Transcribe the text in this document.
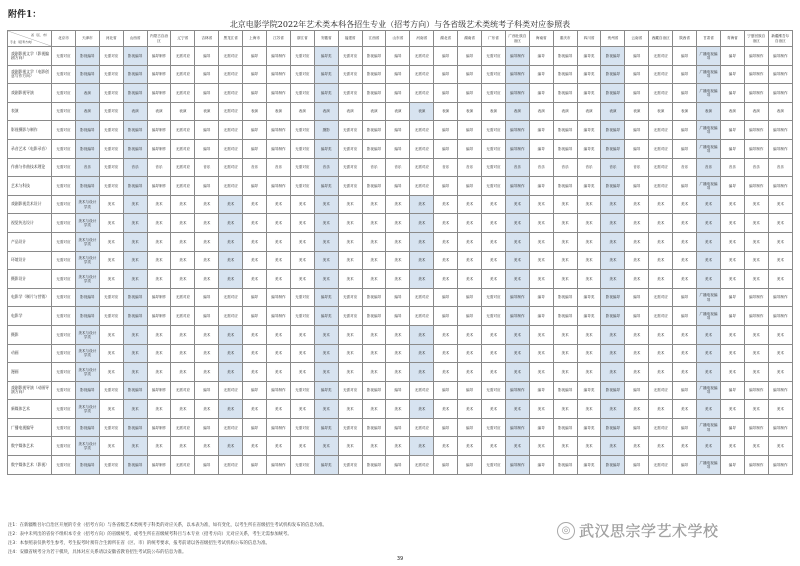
附件1：
北京电影学院2022年艺术类本科各招生专业（招考方向）与各省级艺术类统考子科类对应参照表
省（区、市）
专业（招考方向）	北京市	天津市	河北省	山西省	内蒙古自治区	辽宁省	吉林省	黑龙江省	上海市	江苏省	浙江省	安徽省	福建省	江西省	山东省	河南省	湖北省	湖南省	广东省	广西壮族自治区	海南省	重庆市	四川省	贵州省	云南省	西藏自治区	陕西省	甘肃省	青海省	宁夏回族自治区	新疆维吾尔自治区
戏剧影视文学（影视编剧方向）	无需对应	影视编导	无需对应	影视编导	编导制作	无需对应	编导	无需对应	编导	编导制作	无需对应	编导类	无需对应	影视编导	编导	无需对应	编导	编导	无需对应	编导制作	编导	影视编导	编导类	影视编导	编导	无需对应	编导	广播电视编导	编导	编导制作	编导制作
戏剧影视文学（电影创意写作方向）	无需对应	影视编导	无需对应	影视编导	编导制作	无需对应	编导	无需对应	编导	编导制作	无需对应	编导类	无需对应	影视编导	编导	无需对应	编导	编导	无需对应	编导制作	编导	影视编导	编导类	影视编导	编导	无需对应	编导	广播电视编导	编导	编导制作	编导制作
戏剧影视导演	无需对应	表演	无需对应	影视编导	编导制作	无需对应	编导	无需对应	编导	编导制作	无需对应	编导类	无需对应	影视编导	编导	无需对应	编导	编导	无需对应	编导制作	编导	影视编导	编导类	影视编导	编导	无需对应	编导	广播电视编导	编导	编导制作	编导制作
表演	无需对应	表演	无需对应	表演	表演	表演	表演	无需对应	表演	表演	表演	表演	表演	表演	表演	表演	表演	表演	表演	表演	表演	表演	表演	表演	表演	表演	表演	表演	表演	表演	表演
影视摄影与制作	无需对应	影视编导	无需对应	影视编导	编导制作	无需对应	编导	无需对应	编导	编导制作	无需对应	摄影	无需对应	影视编导	编导	无需对应	编导	编导	无需对应	编导制作	编导	影视编导	编导类	影视编导	编导	无需对应	编导	广播电视编导	编导	编导制作	编导制作
录音艺术（电影录音）	无需对应	影视编导	无需对应	影视编导	编导制作	无需对应	编导	无需对应	编导	编导制作	无需对应	编导类	无需对应	影视编导	编导	无需对应	编导	编导	无需对应	编导制作	编导	影视编导	编导类	影视编导	编导	无需对应	编导	广播电视编导	编导	编导制作	编导制作
作曲与作曲技术理论	无需对应	音乐	无需对应	音乐	音乐	无需对应	音乐	无需对应	音乐	音乐	无需对应	音乐	无需对应	音乐	音乐	无需对应	音乐	音乐	无需对应	音乐	音乐	音乐	音乐	音乐	音乐	无需对应	音乐	音乐	音乐	音乐	音乐
艺术与科技	无需对应	影视编导	无需对应	影视编导	编导制作	无需对应	编导	无需对应	编导	编导制作	无需对应	编导类	无需对应	影视编导	编导	无需对应	编导	编导	无需对应	编导制作	编导	影视编导	编导类	影视编导	编导	无需对应	编导	广播电视编导	编导	编导制作	编导制作
戏剧影视美术设计	无需对应	美术与设计学类	美术	美术	美术	美术	美术	美术	美术	美术	美术	美术	美术	美术	美术	美术	美术	美术	美术	美术	美术	美术	美术	美术	美术	美术	美术	美术	美术	美术	美术
视觉传达设计	无需对应	美术与设计学类	美术	美术	美术	美术	美术	美术	美术	美术	美术	美术	美术	美术	美术	美术	美术	美术	美术	美术	美术	美术	美术	美术	美术	美术	美术	美术	美术	美术	美术
产品设计	无需对应	美术与设计学类	美术	美术	美术	美术	美术	美术	美术	美术	美术	美术	美术	美术	美术	美术	美术	美术	美术	美术	美术	美术	美术	美术	美术	美术	美术	美术	美术	美术	美术
环境设计	无需对应	美术与设计学类	美术	美术	美术	美术	美术	美术	美术	美术	美术	美术	美术	美术	美术	美术	美术	美术	美术	美术	美术	美术	美术	美术	美术	美术	美术	美术	美术	美术	美术
摄影设计	无需对应	美术与设计学类	美术	美术	美术	美术	美术	美术	美术	美术	美术	美术	美术	美术	美术	美术	美术	美术	美术	美术	美术	美术	美术	美术	美术	美术	美术	美术	美术	美术	美术
电影学（制片与营销）	无需对应	影视编导	无需对应	影视编导	编导制作	无需对应	编导	无需对应	编导	编导制作	无需对应	编导类	无需对应	影视编导	编导	无需对应	编导	编导	无需对应	编导制作	编导	影视编导	编导类	影视编导	编导	无需对应	编导	广播电视编导	编导	编导制作	编导制作
电影学	无需对应	影视编导	无需对应	影视编导	编导制作	无需对应	编导	无需对应	编导	编导制作	无需对应	编导类	无需对应	影视编导	编导	无需对应	编导	编导	无需对应	编导制作	编导	影视编导	编导类	影视编导	编导	无需对应	编导	广播电视编导	编导	编导制作	编导制作
摄影	无需对应	美术与设计学类	美术	美术	美术	美术	美术	美术	美术	美术	美术	美术	美术	美术	美术	美术	美术	美术	美术	美术	美术	美术	美术	美术	美术	美术	美术	美术	美术	美术	美术
动画	无需对应	美术与设计学类	美术	美术	美术	美术	美术	美术	美术	美术	美术	美术	美术	美术	美术	美术	美术	美术	美术	美术	美术	美术	美术	美术	美术	美术	美术	美术	美术	美术	美术
漫画	无需对应	美术与设计学类	美术	美术	美术	美术	美术	美术	美术	美术	美术	美术	美术	美术	美术	美术	美术	美术	美术	美术	美术	美术	美术	美术	美术	美术	美术	美术	美术	美术	美术
戏剧影视导演（动画导演方向）	无需对应	影视编导	无需对应	影视编导	编导制作	无需对应	编导	无需对应	编导	编导制作	无需对应	编导类	无需对应	影视编导	编导	无需对应	编导	编导	无需对应	编导制作	编导	影视编导	编导类	影视编导	编导	无需对应	编导	广播电视编导	编导	编导制作	编导制作
新媒体艺术	无需对应	美术与设计学类	美术	美术	美术	美术	美术	美术	美术	美术	美术	美术	美术	美术	美术	美术	美术	美术	美术	美术	美术	美术	美术	美术	美术	美术	美术	美术	美术	美术	美术
广播电视编导	无需对应	影视编导	无需对应	影视编导	编导制作	无需对应	编导	无需对应	编导	编导制作	无需对应	编导类	无需对应	影视编导	编导	无需对应	编导	编导	无需对应	编导制作	编导	影视编导	编导类	影视编导	编导	无需对应	编导	广播电视编导	编导	编导制作	编导制作
数字媒体艺术	无需对应	美术与设计学类	美术	美术	美术	美术	美术	美术	美术	美术	美术	美术	美术	美术	美术	美术	美术	美术	美术	美术	美术	美术	美术	美术	美术	美术	美术	美术	美术	美术	美术
数字媒体艺术（影视）	无需对应	影视编导	无需对应	影视编导	编导制作	无需对应	编导	无需对应	编导	编导制作	无需对应	编导类	无需对应	影视编导	编导	无需对应	编导	编导	无需对应	编导制作	编导	影视编导	编导类	影视编导	编导	无需对应	编导	广播电视编导	编导	编导制作	编导制作
注1：在新疆维吾尔自治区开展的专业（招考方向）与各省级艺术类统考子科类的对应关系，以本表为准，如有变化，以考生所在省级招生考试机构发布的信息为准。
注2：表中未列出的省份不组织本专业（招考方向）的省级统考，或考生所在省级统考科目与本专业（招考方向）无对应关系，考生无需参加统考。
注3：本参照表仅供考生参考，考生报考时须符合生源所在省（区、市）的统考要求，报考前请以各省级招生考试机构公布的信息为准。
注4：安徽省统考分为若干模块，具体对应关系请以安徽省教育招生考试院公布的信息为准。
◎ 武汉思宗学艺术学校
39
